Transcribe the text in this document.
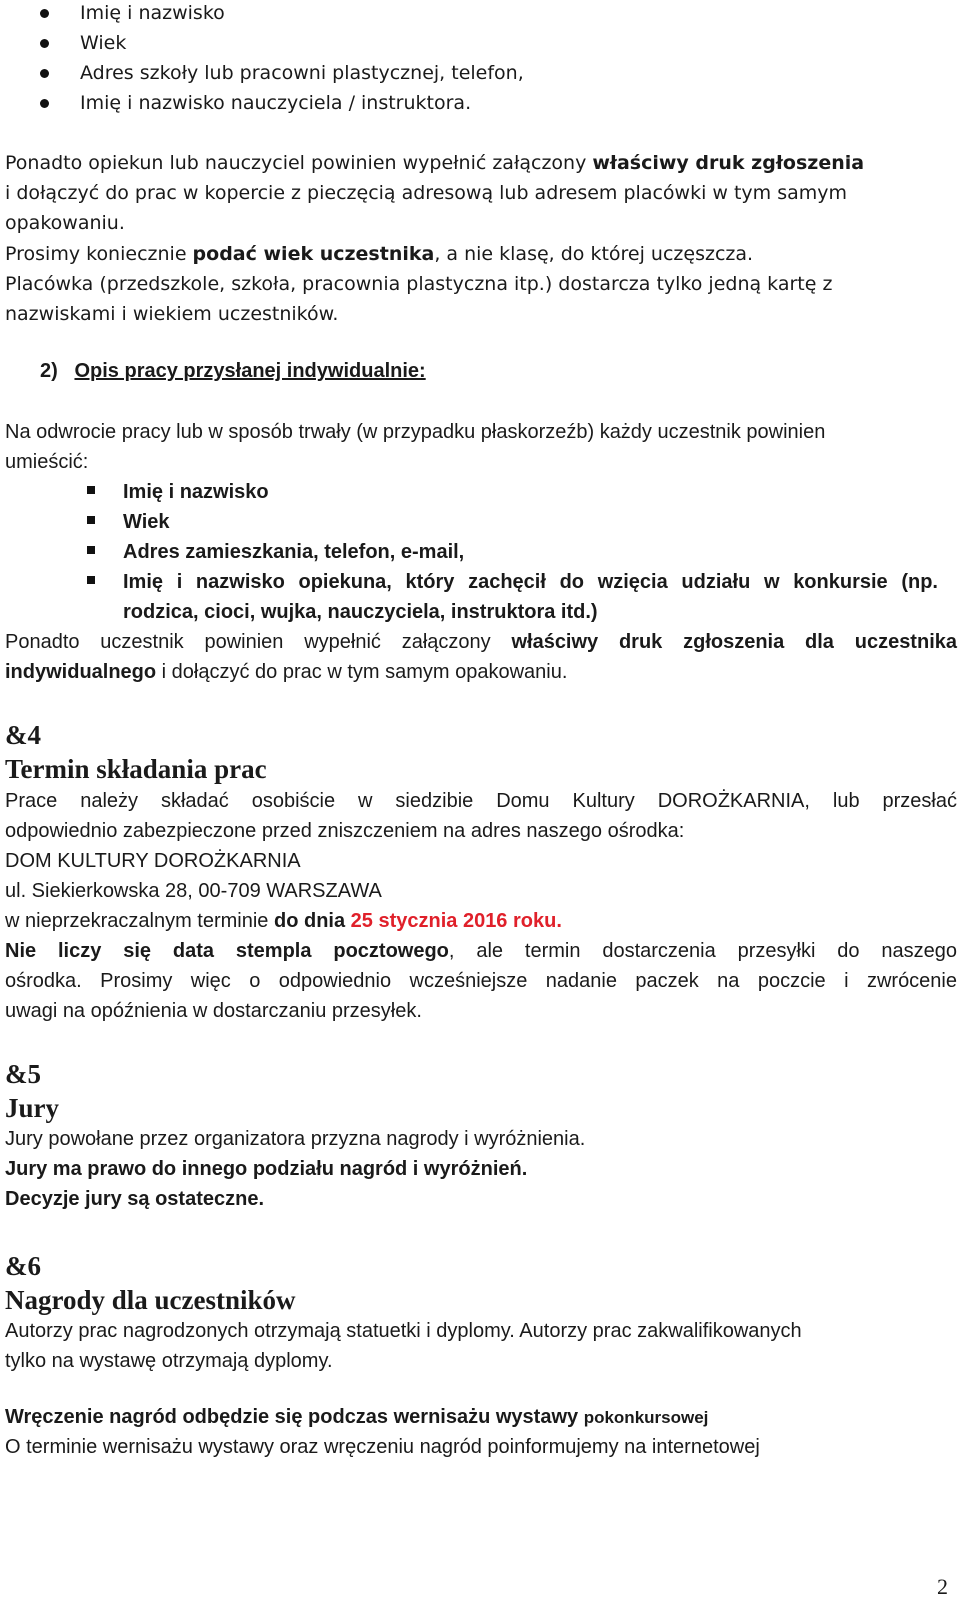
Imię i nazwisko
Wiek
Adres szkoły lub pracowni plastycznej, telefon,
Imię i nazwisko nauczyciela / instruktora.
Ponadto opiekun lub nauczyciel powinien wypełnić załączony właściwy druk zgłoszenia
i dołączyć do prac w kopercie z pieczęcią adresową lub adresem placówki w tym samym
opakowaniu.
Prosimy koniecznie podać wiek uczestnika, a nie klasę, do której uczęszcza.
Placówka (przedszkole, szkoła, pracownia plastyczna itp.) dostarcza tylko jedną kartę z
nazwiskami i wiekiem uczestników.
2) Opis pracy przysłanej indywidualnie:
Na odwrocie pracy lub w sposób trwały (w przypadku płaskorzeźb) każdy uczestnik powinien
umieścić:
Imię i nazwisko
Wiek
Adres zamieszkania, telefon, e-mail,
Imię i nazwisko opiekuna, który zachęcił do wzięcia udziału w konkursie (np.
rodzica, cioci, wujka, nauczyciela, instruktora itd.)
Ponadto uczestnik powinien wypełnić załączony właściwy druk zgłoszenia dla uczestnika
indywidualnego i dołączyć do prac w tym samym opakowaniu.
&4
Termin składania prac
Prace należy składać osobiście w siedzibie Domu Kultury DOROŻKARNIA, lub przesłać
odpowiednio zabezpieczone przed zniszczeniem na adres naszego ośrodka:
DOM KULTURY DOROŻKARNIA
ul. Siekierkowska 28, 00-709 WARSZAWA
w nieprzekraczalnym terminie do dnia 25 stycznia 2016 roku.
Nie liczy się data stempla pocztowego, ale termin dostarczenia przesyłki do naszego
ośrodka. Prosimy więc o odpowiednio wcześniejsze nadanie paczek na poczcie i zwrócenie
uwagi na opóźnienia w dostarczaniu przesyłek.
&5
Jury
Jury powołane przez organizatora przyzna nagrody i wyróżnienia.
Jury ma prawo do innego podziału nagród i wyróżnień.
Decyzje jury są ostateczne.
&6
Nagrody dla uczestników
Autorzy prac nagrodzonych otrzymają statuetki i dyplomy. Autorzy prac zakwalifikowanych
tylko na wystawę otrzymają dyplomy.
Wręczenie nagród odbędzie się podczas wernisażu wystawy pokonkursowej
O terminie wernisażu wystawy oraz wręczeniu nagród poinformujemy na internetowej
2
